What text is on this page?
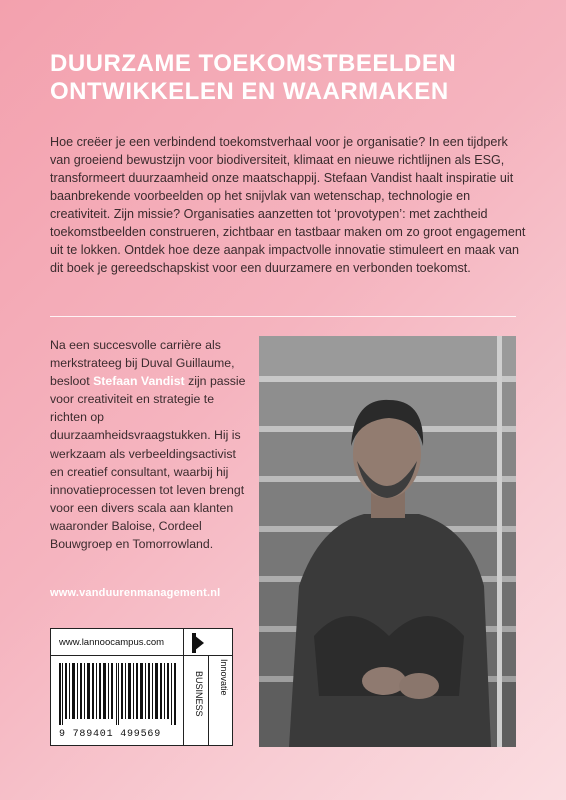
DUURZAME TOEKOMSTBEELDEN
ONTWIKKELEN EN WAARMAKEN
Hoe creëer je een verbindend toekomstverhaal voor je organisatie? In een tijdperk van groeiend bewustzijn voor biodiversiteit, klimaat en nieuwe richtlijnen als ESG, transformeert duurzaamheid onze maatschappij. Stefaan Vandist haalt inspiratie uit baanbrekende voorbeelden op het snijvlak van wetenschap, technologie en creativiteit. Zijn missie? Organisaties aanzetten tot ‘provotypen’: met zachtheid toekomstbeelden construeren, zichtbaar en tastbaar maken om zo groot engagement uit te lokken. Ontdek hoe deze aanpak impactvolle innovatie stimuleert en maak van dit boek je gereedschapskist voor een duurzamere en verbonden toekomst.
Na een succesvolle carrière als merkstrateeg bij Duval Guillaume, besloot Stefaan Vandist zijn passie voor creativiteit en strategie te richten op duurzaamheidsvraagstukken. Hij is werkzaam als verbeeldingsactivist en creatief consultant, waarbij hij innovatieprocessen tot leven brengt voor een divers scala aan klanten waaronder Baloise, Cordeel Bouwgroep en Tomorrowland.
www.vanduurenmanagement.nl
www.lannoocampus.com
BUSINESS Innovatie
9 789401 499569
